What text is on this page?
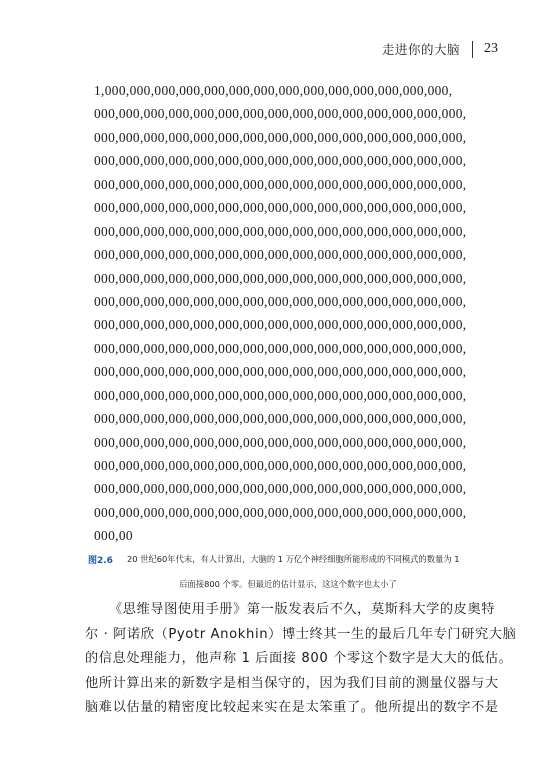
走进你的大脑 23
1,000,000,000,000,000,000,000,000,000,000,000,000,000,000,
000,000,000,000,000,000,000,000,000,000,000,000,000,000,000,
000,000,000,000,000,000,000,000,000,000,000,000,000,000,000,
000,000,000,000,000,000,000,000,000,000,000,000,000,000,000,
000,000,000,000,000,000,000,000,000,000,000,000,000,000,000,
000,000,000,000,000,000,000,000,000,000,000,000,000,000,000,
000,000,000,000,000,000,000,000,000,000,000,000,000,000,000,
000,000,000,000,000,000,000,000,000,000,000,000,000,000,000,
000,000,000,000,000,000,000,000,000,000,000,000,000,000,000,
000,000,000,000,000,000,000,000,000,000,000,000,000,000,000,
000,000,000,000,000,000,000,000,000,000,000,000,000,000,000,
000,000,000,000,000,000,000,000,000,000,000,000,000,000,000,
000,000,000,000,000,000,000,000,000,000,000,000,000,000,000,
000,000,000,000,000,000,000,000,000,000,000,000,000,000,000,
000,000,000,000,000,000,000,000,000,000,000,000,000,000,000,
000,000,000,000,000,000,000,000,000,000,000,000,000,000,000,
000,000,000,000,000,000,000,000,000,000,000,000,000,000,000,
000,000,000,000,000,000,000,000,000,000,000,000,000,000,000,
000,000,000,000,000,000,000,000,000,000,000,000,000,000,000,
000,00
图2.6 20 世纪60年代末，有人计算出，大脑的 1 万亿个神经细胞所能形成的不同模式的数量为 1
后面接800 个零。但最近的估计显示，这这个数字也太小了
《思维导图使用手册》第一版发表后不久，莫斯科大学的皮奥特
尔 · 阿诺欣（Pyotr Anokhin）博士终其一生的最后几年专门研究大脑
的信息处理能力，他声称 1 后面接 800 个零这个数字是大大的低估。
他所计算出来的新数字是相当保守的，因为我们目前的测量仪器与大
脑难以估量的精密度比较起来实在是太笨重了。他所提出的数字不是
